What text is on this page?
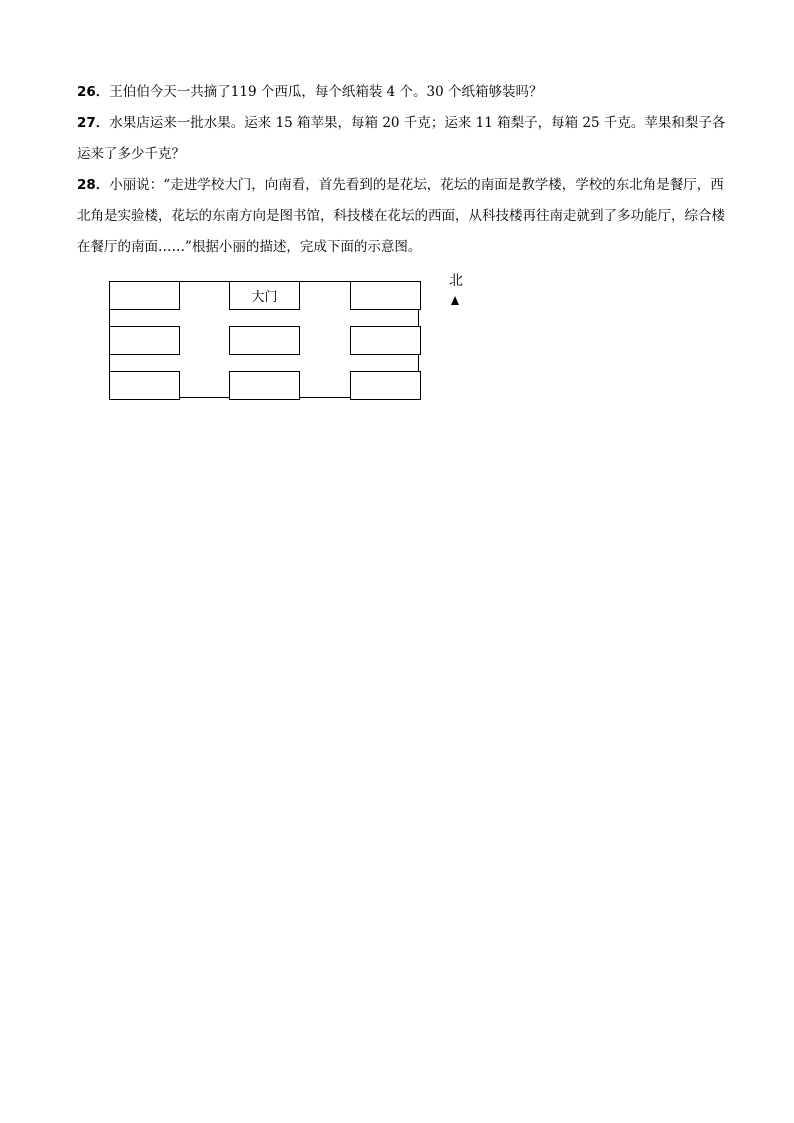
26．王伯伯今天一共摘了119 个西瓜，每个纸箱装 4 个。30 个纸箱够装吗？
27．水果店运来一批水果。运来 15 箱苹果，每箱 20 千克；运来 11 箱梨子，每箱 25 千克。苹果和梨子各运来了多少千克？
28．小丽说：“走进学校大门，向南看，首先看到的是花坛，花坛的南面是教学楼，学校的东北角是餐厅，西北角是实验楼，花坛的东南方向是图书馆，科技楼在花坛的西面，从科技楼再往南走就到了多功能厅，综合楼在餐厅的南面……”根据小丽的描述，完成下面的示意图。
大门
北
